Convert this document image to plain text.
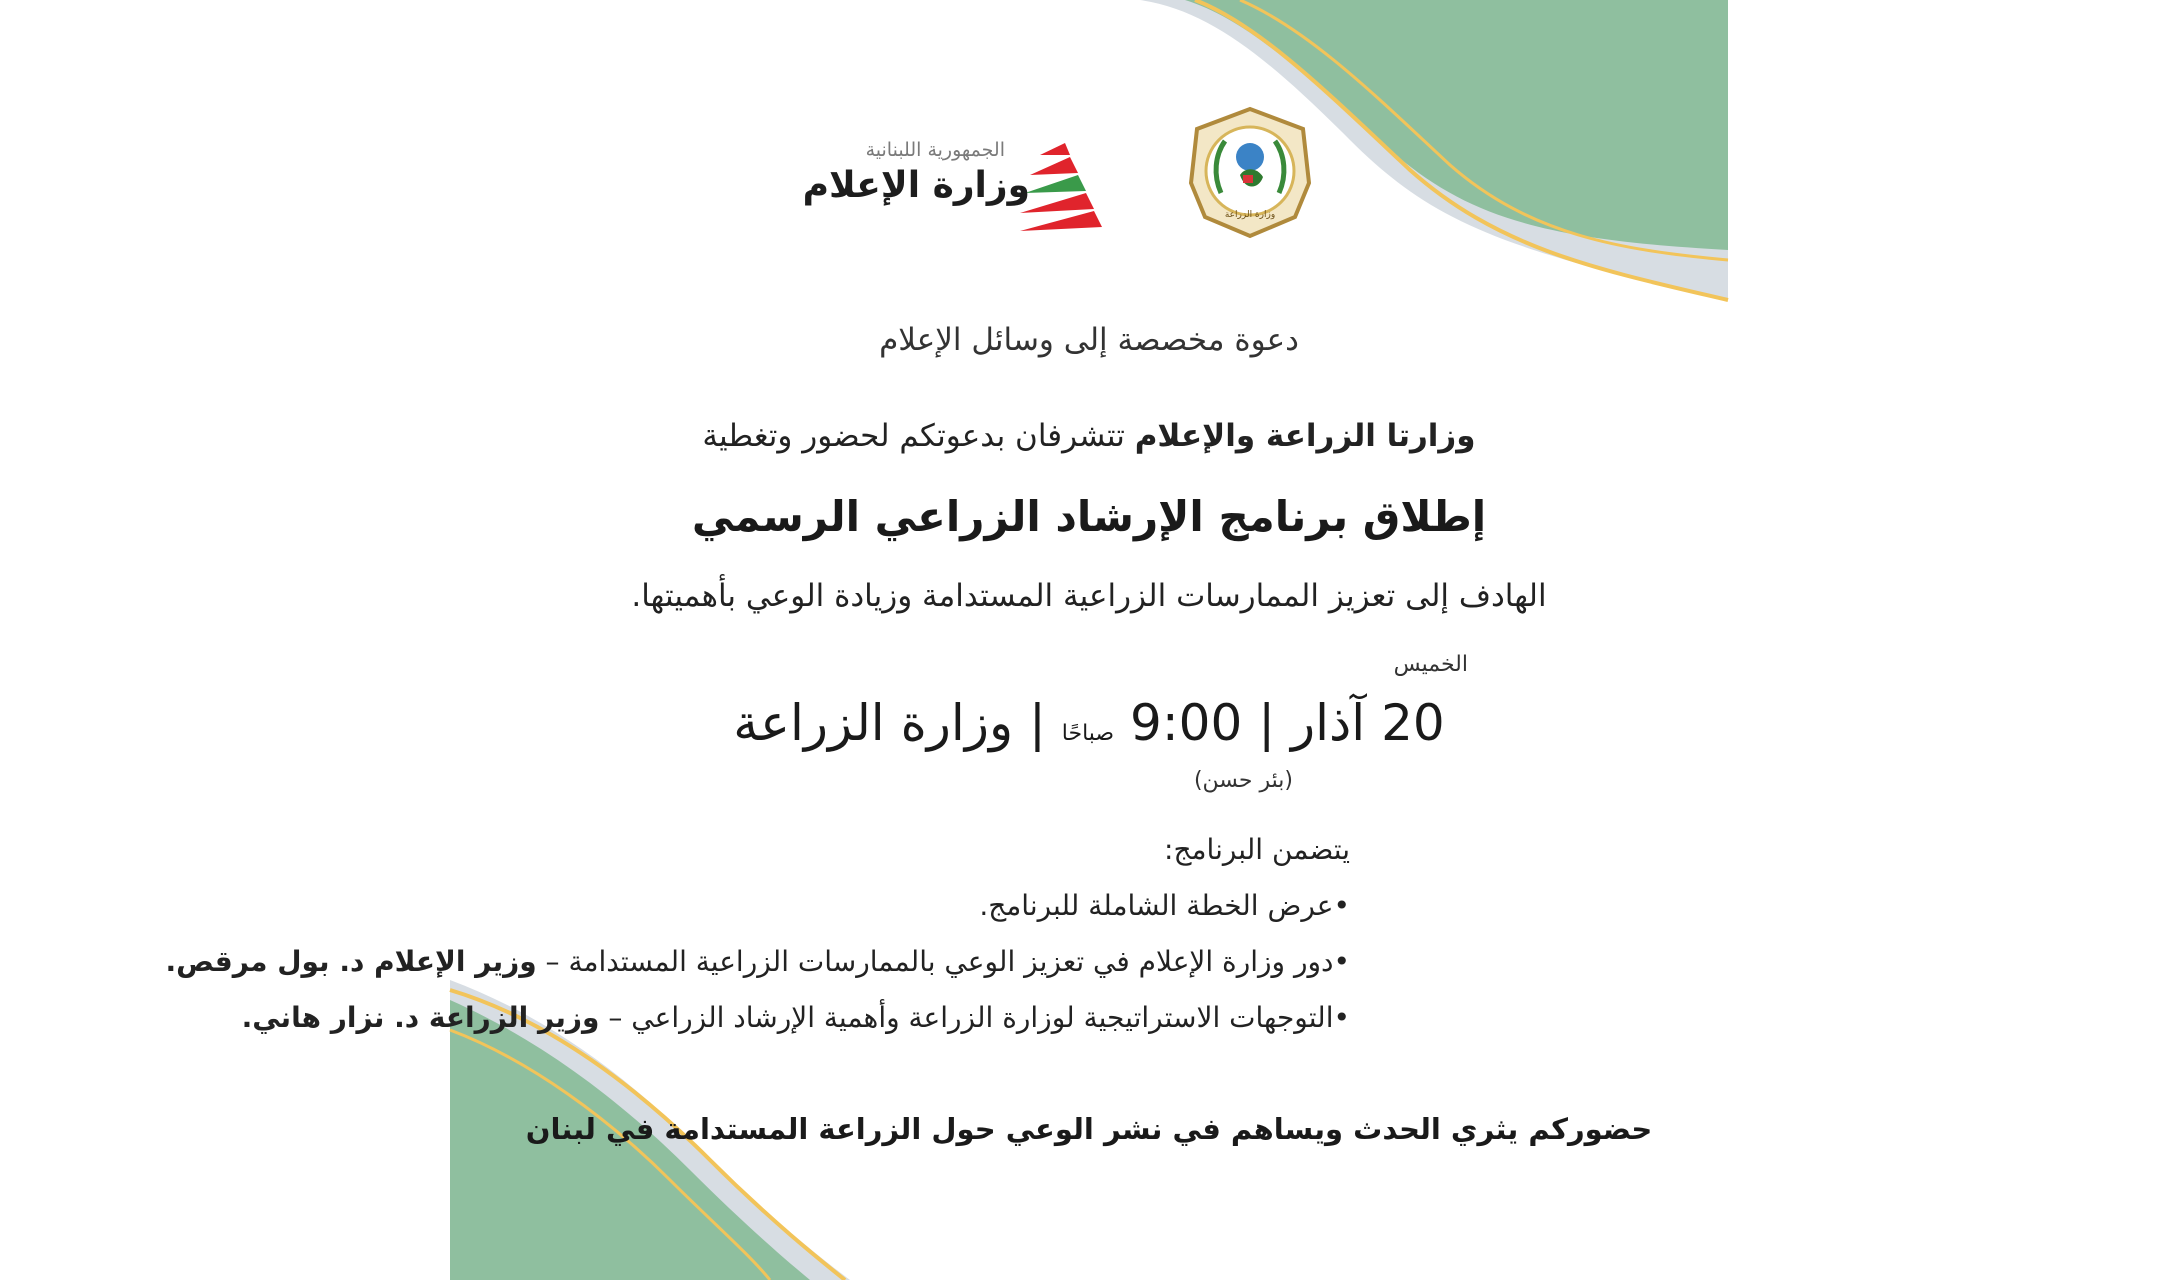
الجمهورية اللبنانية
وزارة الإعلام
وزارة الزراعة
دعوة مخصصة إلى وسائل الإعلام
وزارتا الزراعة والإعلام تتشرفان بدعوتكم لحضور وتغطية
إطلاق برنامج الإرشاد الزراعي الرسمي
الهادف إلى تعزيز الممارسات الزراعية المستدامة وزيادة الوعي بأهميتها.
الخميس
20 آذار | 9:00 صباحًا | وزارة الزراعة
(بئر حسن)
يتضمن البرنامج:
•عرض الخطة الشاملة للبرنامج.
•دور وزارة الإعلام في تعزيز الوعي بالممارسات الزراعية المستدامة – وزير الإعلام د. بول مرقص.
•التوجهات الاستراتيجية لوزارة الزراعة وأهمية الإرشاد الزراعي – وزير الزراعة د. نزار هاني.
حضوركم يثري الحدث ويساهم في نشر الوعي حول الزراعة المستدامة في لبنان
